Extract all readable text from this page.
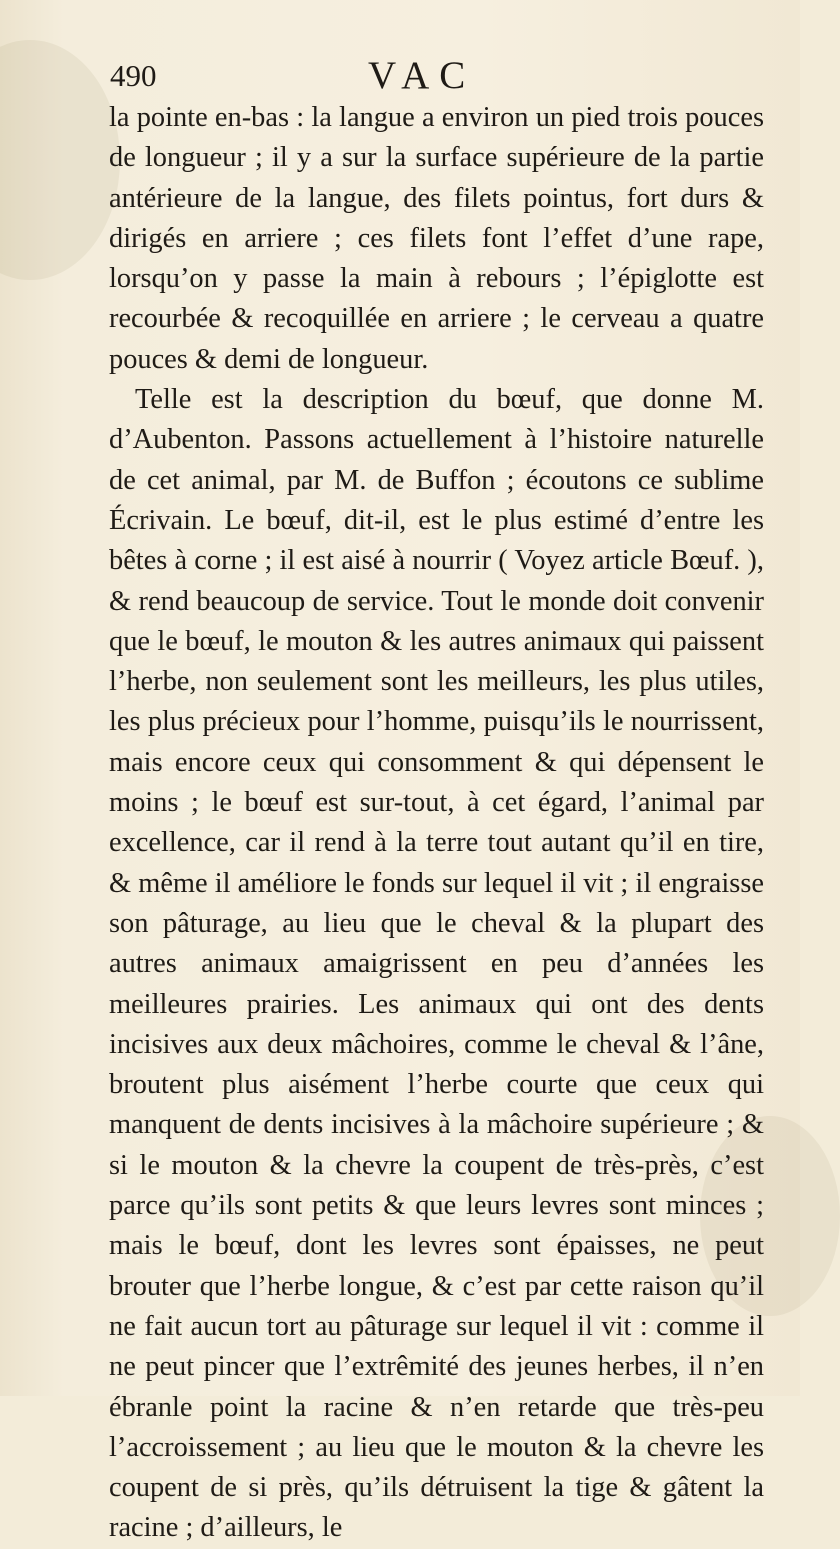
490	VAC

la pointe en-bas : la langue a environ un pied trois pouces de longueur ; il y a sur la surface supérieure de la partie antérieure de la langue, des filets pointus, fort durs & dirigés en arriere ; ces filets font l’effet d’une rape, lorsqu’on y passe la main à rebours ; l’épiglotte est recourbée & recoquillée en arriere ; le cerveau a quatre pouces & demi de longueur.

Telle est la description du bœuf, que donne M. d’Aubenton. Passons actuellement à l’histoire naturelle de cet animal, par M. de Buffon ; écoutons ce sublime Écrivain. Le bœuf, dit-il, est le plus estimé d’entre les bêtes à corne ; il est aisé à nourrir ( Voyez article Bœuf. ), & rend beaucoup de service. Tout le monde doit convenir que le bœuf, le mouton & les autres animaux qui paissent l’herbe, non seulement sont les meilleurs, les plus utiles, les plus précieux pour l’homme, puisqu’ils le nourrissent, mais encore ceux qui consomment & qui dépensent le moins ; le bœuf est sur-tout, à cet égard, l’animal par excellence, car il rend à la terre tout autant qu’il en tire, & même il améliore le fonds sur lequel il vit ; il engraisse son pâturage, au lieu que le cheval & la plupart des autres animaux amaigrissent en peu d’années les meilleures prairies. Les animaux qui ont des dents incisives aux deux mâchoires, comme le cheval & l’âne, broutent plus aisément l’herbe courte que ceux qui manquent de dents incisives à la mâchoire supérieure ; & si le mouton & la chevre la coupent de très-près, c’est parce qu’ils sont petits & que leurs levres sont minces ; mais le bœuf, dont les levres sont épaisses, ne peut brouter que l’herbe longue, & c’est par cette raison qu’il ne fait aucun tort au pâturage sur lequel il vit : comme il ne peut pincer que l’extrêmité des jeunes herbes, il n’en ébranle point la racine & n’en retarde que très-peu l’accroissement ; au lieu que le mouton & la chevre les coupent de si près, qu’ils détruisent la tige & gâtent la racine ; d’ailleurs, le
